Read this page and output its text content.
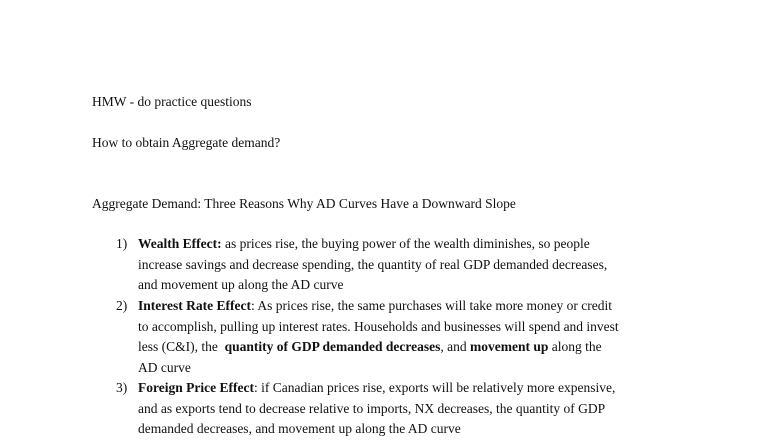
HMW - do practice questions
How to obtain Aggregate demand?
Aggregate Demand: Three Reasons Why AD Curves Have a Downward Slope
1) Wealth Effect: as prices rise, the buying power of the wealth diminishes, so people
increase savings and decrease spending, the quantity of real GDP demanded decreases,
and movement up along the AD curve
2) Interest Rate Effect: As prices rise, the same purchases will take more money or credit
to accomplish, pulling up interest rates. Households and businesses will spend and invest
less (C&I), the  quantity of GDP demanded decreases, and movement up along the
AD curve
3) Foreign Price Effect: if Canadian prices rise, exports will be relatively more expensive,
and as exports tend to decrease relative to imports, NX decreases, the quantity of GDP
demanded decreases, and movement up along the AD curve
